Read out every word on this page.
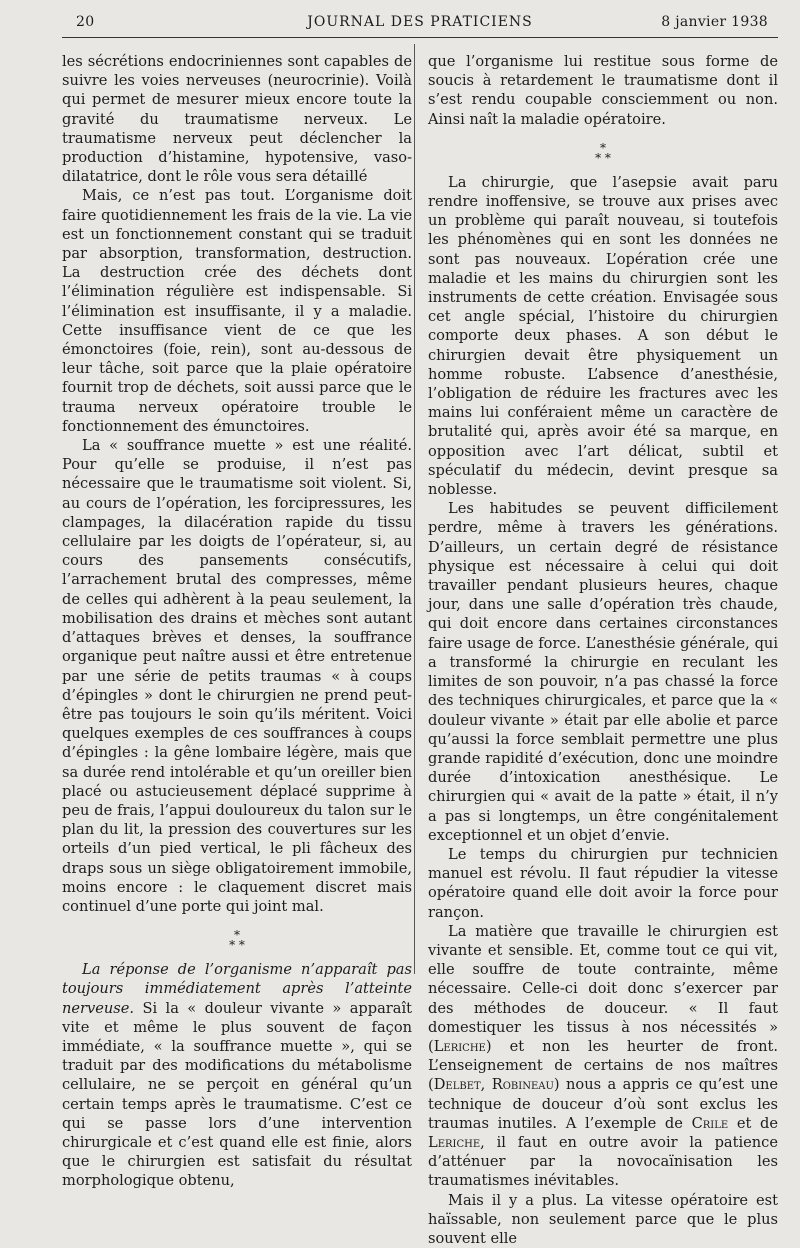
20	JOURNAL DES PRATICIENS	8 janvier 1938

les sécrétions endocriniennes sont capables de suivre les voies nerveuses (neurocrinie). Voilà qui permet de mesurer mieux encore toute la gravité du traumatisme nerveux. Le traumatisme nerveux peut déclencher la production d’histamine, hypotensive, vaso-dilatatrice, dont le rôle vous sera détaillé

Mais, ce n’est pas tout. L’organisme doit faire quotidiennement les frais de la vie. La vie est un fonctionnement constant qui se traduit par absorption, transformation, destruction. La destruction crée des déchets dont l’élimination régulière est indispensable. Si l’élimination est insuffisante, il y a maladie. Cette insuffisance vient de ce que les émonctoires (foie, rein), sont au-dessous de leur tâche, soit parce que la plaie opératoire fournit trop de déchets, soit aussi parce que le trauma nerveux opératoire trouble le fonctionnement des émunctoires.

La « souffrance muette » est une réalité. Pour qu’elle se produise, il n’est pas nécessaire que le traumatisme soit violent. Si, au cours de l’opération, les forcipressures, les clampages, la dilacération rapide du tissu cellulaire par les doigts de l’opérateur, si, au cours des pansements consécutifs, l’arrachement brutal des compresses, même de celles qui adhèrent à la peau seulement, la mobilisation des drains et mèches sont autant d’attaques brèves et denses, la souffrance organique peut naître aussi et être entretenue par une série de petits traumas « à coups d’épingles » dont le chirurgien ne prend peut-être pas toujours le soin qu’ils méritent. Voici quelques exemples de ces souffrances à coups d’épingles : la gêne lombaire légère, mais que sa durée rend intolérable et qu’un oreiller bien placé ou astucieusement déplacé supprime à peu de frais, l’appui douloureux du talon sur le plan du lit, la pression des couvertures sur les orteils d’un pied vertical, le pli fâcheux des draps sous un siège obligatoirement immobile, moins encore : le claquement discret mais continuel d’une porte qui joint mal.

*
* *

La réponse de l’organisme n’apparaît pas toujours immédiatement après l’atteinte nerveuse. Si la « douleur vivante » apparaît vite et même le plus souvent de façon immédiate, « la souffrance muette », qui se traduit par des modifications du métabolisme cellulaire, ne se perçoit en général qu’un certain temps après le traumatisme. C’est ce qui se passe lors d’une intervention chirurgicale et c’est quand elle est finie, alors que le chirurgien est satisfait du résultat morphologique obtenu,

que l’organisme lui restitue sous forme de soucis à retardement le traumatisme dont il s’est rendu coupable consciemment ou non. Ainsi naît la maladie opératoire.

*
* *

La chirurgie, que l’asepsie avait paru rendre inoffensive, se trouve aux prises avec un problème qui paraît nouveau, si toutefois les phénomènes qui en sont les données ne sont pas nouveaux. L’opération crée une maladie et les mains du chirurgien sont les instruments de cette création. Envisagée sous cet angle spécial, l’histoire du chirurgien comporte deux phases. A son début le chirurgien devait être physiquement un homme robuste. L’absence d’anesthésie, l’obligation de réduire les fractures avec les mains lui conféraient même un caractère de brutalité qui, après avoir été sa marque, en opposition avec l’art délicat, subtil et spéculatif du médecin, devint presque sa noblesse.

Les habitudes se peuvent difficilement perdre, même à travers les générations. D’ailleurs, un certain degré de résistance physique est nécessaire à celui qui doit travailler pendant plusieurs heures, chaque jour, dans une salle d’opération très chaude, qui doit encore dans certaines circonstances faire usage de force. L’anesthésie générale, qui a transformé la chirurgie en reculant les limites de son pouvoir, n’a pas chassé la force des techniques chirurgicales, et parce que la « douleur vivante » était par elle abolie et parce qu’aussi la force semblait permettre une plus grande rapidité d’exécution, donc une moindre durée d’intoxication anesthésique. Le chirurgien qui « avait de la patte » était, il n’y a pas si longtemps, un être congénitalement exceptionnel et un objet d’envie.

Le temps du chirurgien pur technicien manuel est révolu. Il faut répudier la vitesse opératoire quand elle doit avoir la force pour rançon.

La matière que travaille le chirurgien est vivante et sensible. Et, comme tout ce qui vit, elle souffre de toute contrainte, même nécessaire. Celle-ci doit donc s’exercer par des méthodes de douceur. « Il faut domestiquer les tissus à nos nécessités » (Leriche) et non les heurter de front. L’enseignement de certains de nos maîtres (Delbet, Robineau) nous a appris ce qu’est une technique de douceur d’où sont exclus les traumas inutiles. A l’exemple de Crile et de Leriche, il faut en outre avoir la patience d’atténuer par la novocaïnisation les traumatismes inévitables.

Mais il y a plus. La vitesse opératoire est haïssable, non seulement parce que le plus souvent elle
